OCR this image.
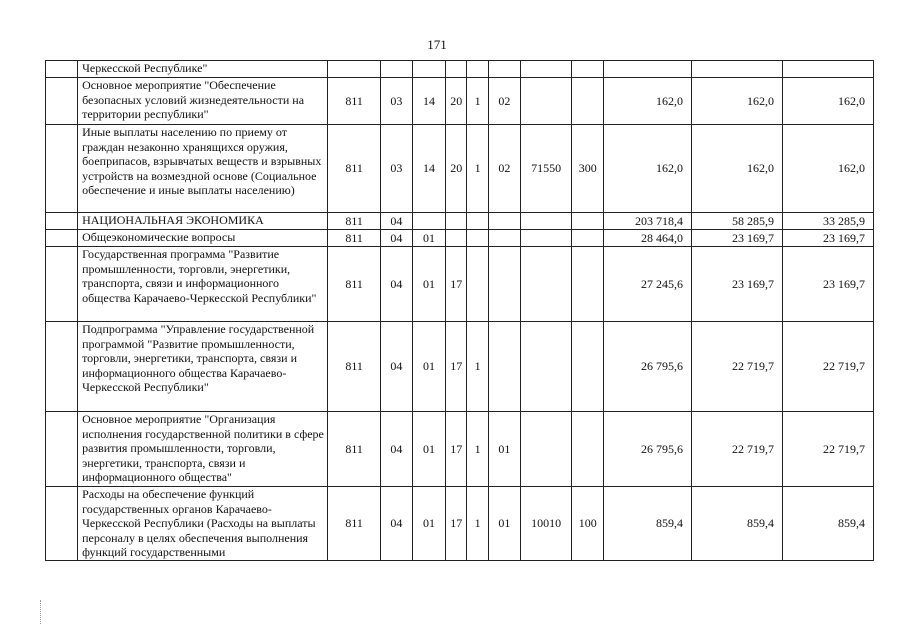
171
	Черкесской Республике"											
	Основное мероприятие "Обеспечение безопасных условий жизнедеятельности на территории республики"	811	03	14	20	1	02			162,0	162,0	162,0
	Иные выплаты населению по приему от граждан незаконно хранящихся оружия, боеприпасов, взрывчатых веществ и взрывных устройств на возмездной основе (Социальное обеспечение и иные выплаты населению)	811	03	14	20	1	02	71550	300	162,0	162,0	162,0
	НАЦИОНАЛЬНАЯ ЭКОНОМИКА	811	04							203 718,4	58 285,9	33 285,9
	Общеэкономические вопросы	811	04	01						28 464,0	23 169,7	23 169,7
	Государственная программа "Развитие промышленности, торговли, энергетики, транспорта, связи и информационного общества Карачаево-Черкесской Республики"	811	04	01	17					27 245,6	23 169,7	23 169,7
	Подпрограмма "Управление государственной программой "Развитие промышленности, торговли, энергетики, транспорта, связи и информационного общества Карачаево-Черкесской Республики"	811	04	01	17	1				26 795,6	22 719,7	22 719,7
	Основное мероприятие "Организация исполнения государственной политики в сфере развития промышленности, торговли, энергетики, транспорта, связи и информационного общества"	811	04	01	17	1	01			26 795,6	22 719,7	22 719,7
	Расходы на обеспечение функций государственных органов Карачаево-Черкесской Республики (Расходы на выплаты персоналу в целях обеспечения выполнения функций государственными	811	04	01	17	1	01	10010	100	859,4	859,4	859,4
